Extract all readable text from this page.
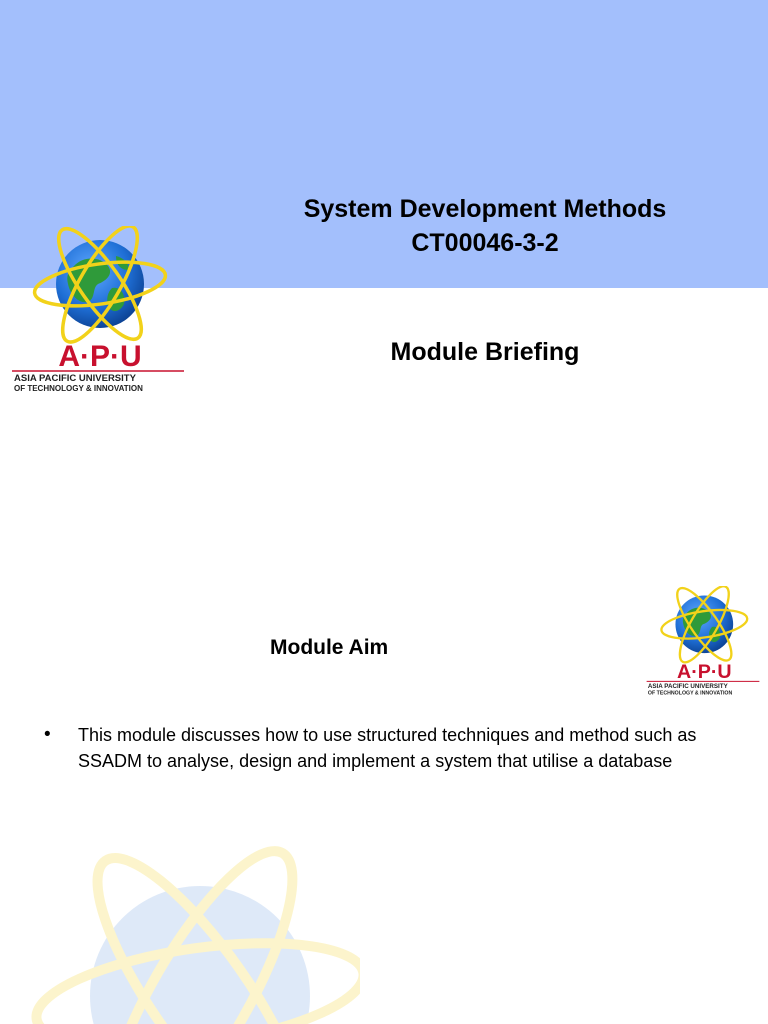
System Development Methods
CT00046-3-2
Module Briefing
A·P·U
ASIA PACIFIC UNIVERSITY
OF TECHNOLOGY & INNOVATION
Module Aim
A·P·U
ASIA PACIFIC UNIVERSITY
OF TECHNOLOGY & INNOVATION
•	This module discusses how to use structured techniques and method such as SSADM to analyse, design and implement a system that utilise a database
